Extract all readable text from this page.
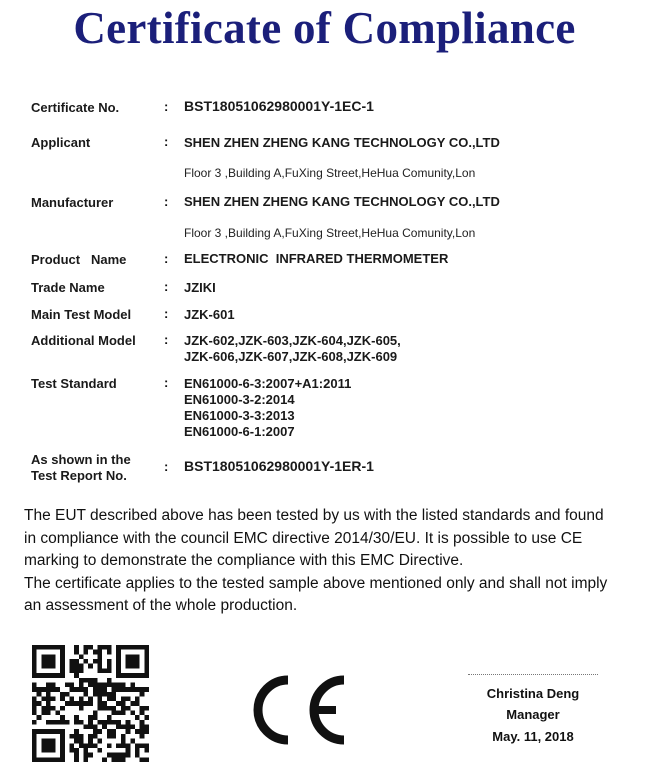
Certificate of Compliance
Certificate No.	: BST18051062980001Y-1EC-1
Applicant	: SHEN ZHEN ZHENG KANG TECHNOLOGY CO.,LTD
Floor 3 ,Building A,FuXing Street,HeHua Comunity,Lon
Manufacturer	: SHEN ZHEN ZHENG KANG TECHNOLOGY CO.,LTD
Floor 3 ,Building A,FuXing Street,HeHua Comunity,Lon
Product   Name	: ELECTRONIC  INFRARED THERMOMETER
Trade Name	: JZIKI
Main Test Model	: JZK-601
Additional Model : JZK-602,JZK-603,JZK-604,JZK-605,
JZK-606,JZK-607,JZK-608,JZK-609
Test Standard	: EN61000-6-3:2007+A1:2011
EN61000-3-2:2014
EN61000-3-3:2013
EN61000-6-1:2007
As shown in the
Test Report No.
: BST18051062980001Y-1ER-1

The EUT described above has been tested by us with the listed standards and found

in compliance with the council EMC directive 2014/30/EU. It is possible to use CE

marking to demonstrate the compliance with this EMC Directive.

The certificate applies to the tested sample above mentioned only and shall not imply

an assessment of the whole production.

Christina Deng
Manager
May. 11, 2018
